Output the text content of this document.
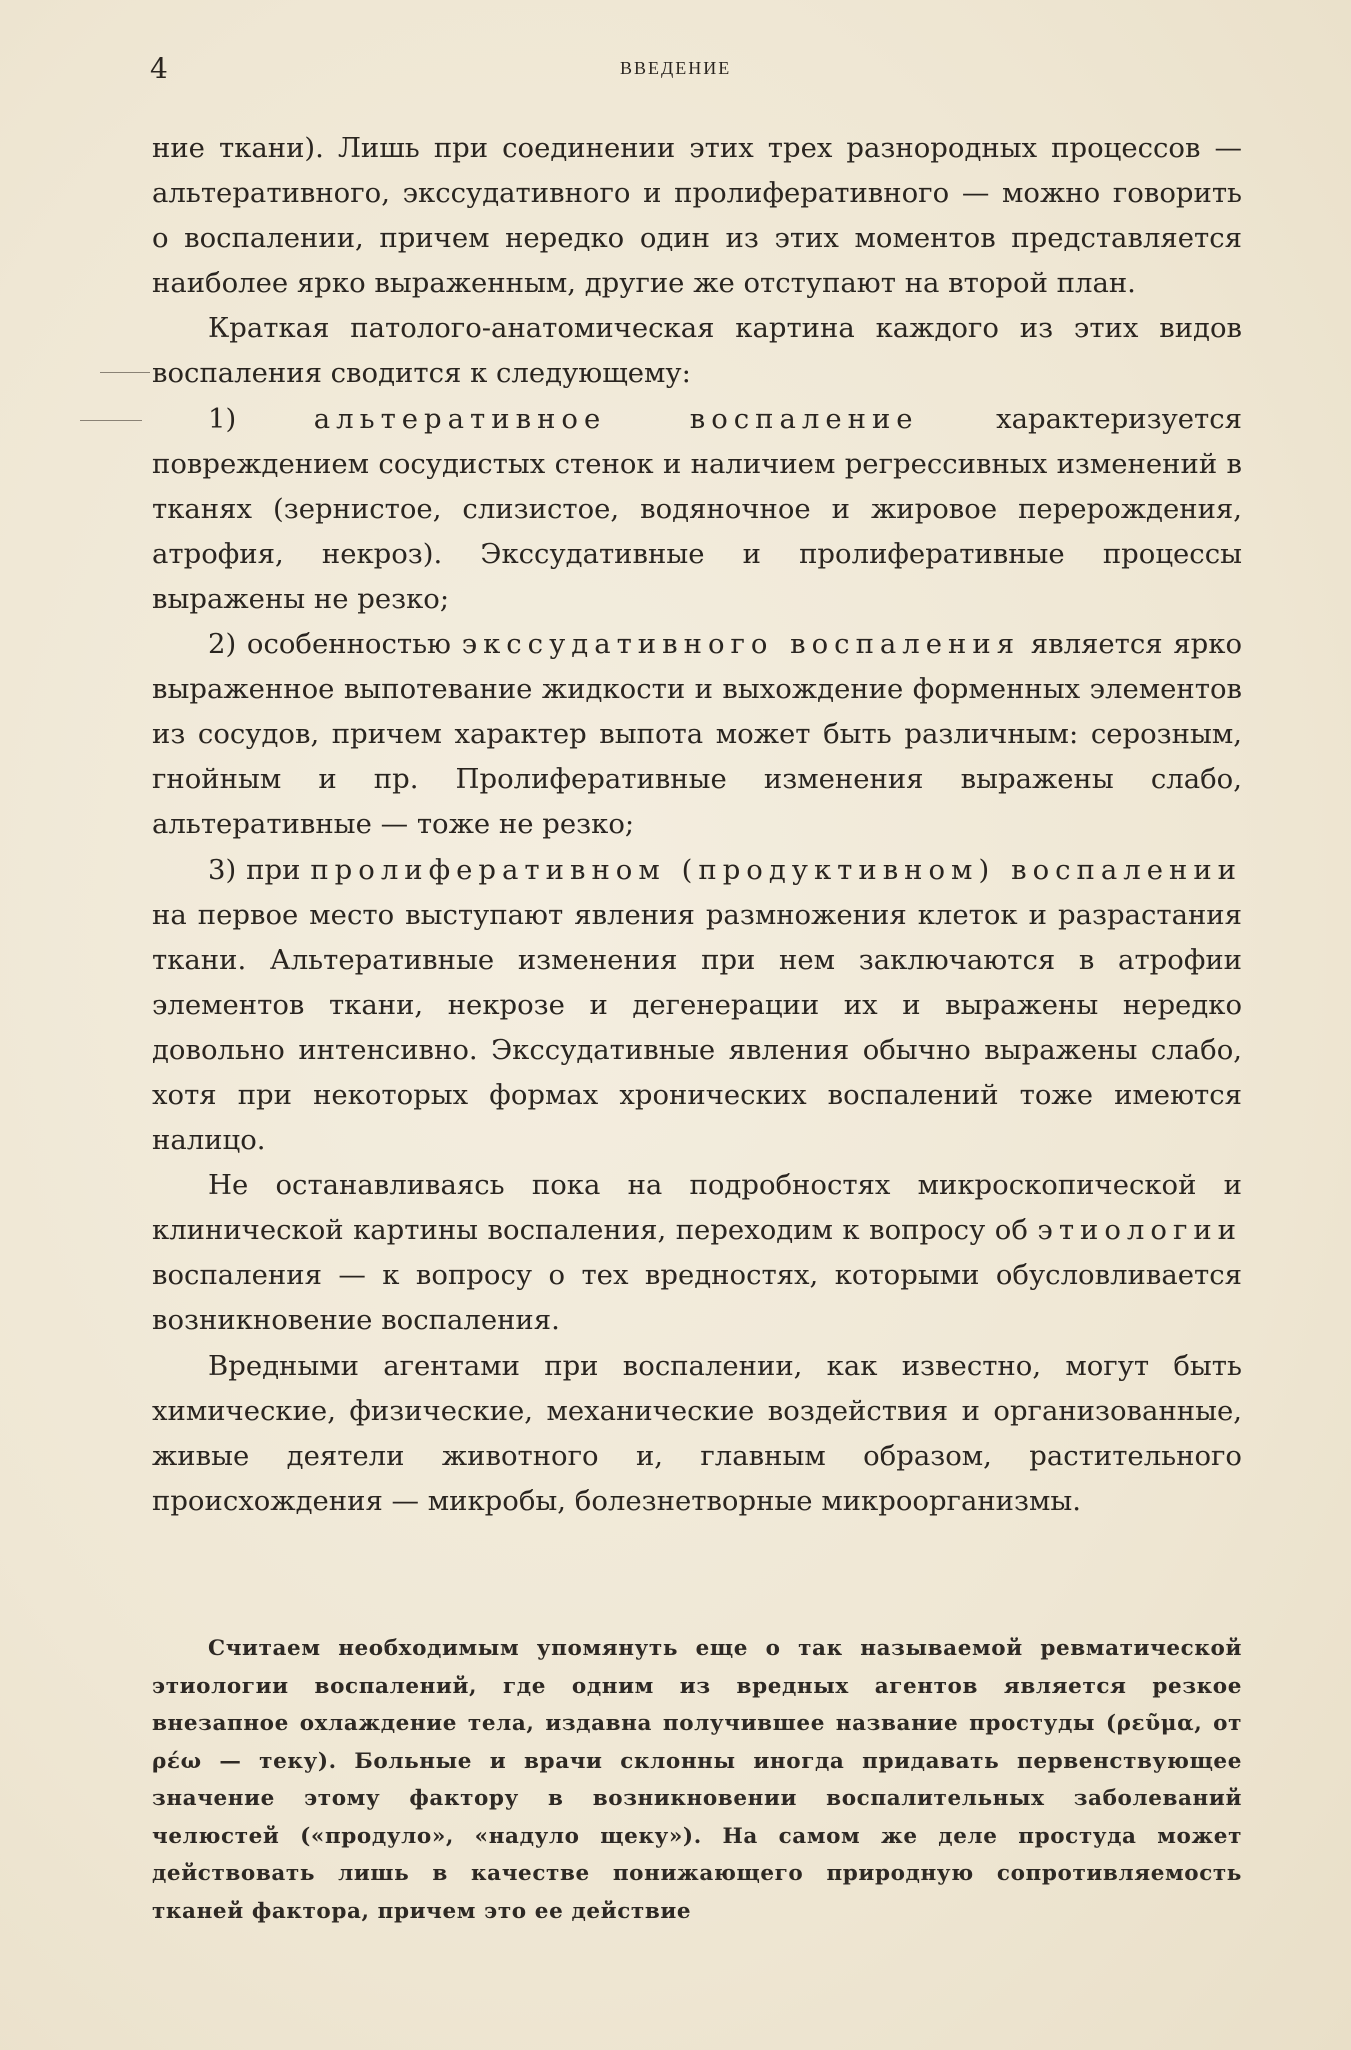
4	ВВЕДЕНИЕ

ние ткани). Лишь при соединении этих трех разнородных процессов — альтеративного, экссудативного и пролиферативного — можно говорить о воспалении, причем нередко один из этих моментов представляется наиболее ярко выраженным, другие же отступают на второй план.

Краткая патолого-анатомическая картина каждого из этих видов воспаления сводится к следующему:

1)	альтеративное воспаление	характеризуется повреждением сосудистых стенок и наличием регрессивных изменений в тканях (зернистое, слизистое, водяночное и жировое перерождения, атрофия, некроз). Экссудативные и пролиферативные процессы выражены не резко;

2) особенностью экссудативного воспаления является ярко выраженное выпотевание жидкости и выхождение форменных элементов из сосудов, причем характер выпота может быть различным: серозным, гнойным и пр. Пролиферативные изменения выражены слабо, альтеративные — тоже не резко;

3) при пролиферативном (продуктивном) воспалении на первое место выступают явления размножения клеток и разрастания ткани. Альтеративные изменения при нем заключаются в атрофии элементов ткани, некрозе и дегенерации их и выражены нередко довольно интенсивно. Экссудативные явления обычно выражены слабо, хотя при некоторых формах хронических воспалений тоже имеются налицо.

Не останавливаясь пока на подробностях микроскопической и клинической картины воспаления, переходим к вопросу об этиологии воспаления — к вопросу о тех вредностях, которыми обусловливается возникновение воспаления.

Вредными агентами при воспалении, как известно, могут быть химические, физические, механические воздействия и организованные, живые деятели животного и, главным образом, растительного происхождения — микробы, болезнетворные микроорганизмы.

Считаем необходимым упомянуть еще о так называемой ревматической этиологии воспалений, где одним из вредных агентов является резкое внезапное охлаждение тела, издавна получившее название простуды (ρεῦμα, от ρέω — теку). Больные и врачи склонны иногда придавать первенствующее значение этому фактору в возникновении воспалительных заболеваний челюстей («продуло», «надуло щеку»). На самом же деле простуда может действовать лишь в качестве понижающего природную сопротивляемость тканей фактора, причем это ее действие
